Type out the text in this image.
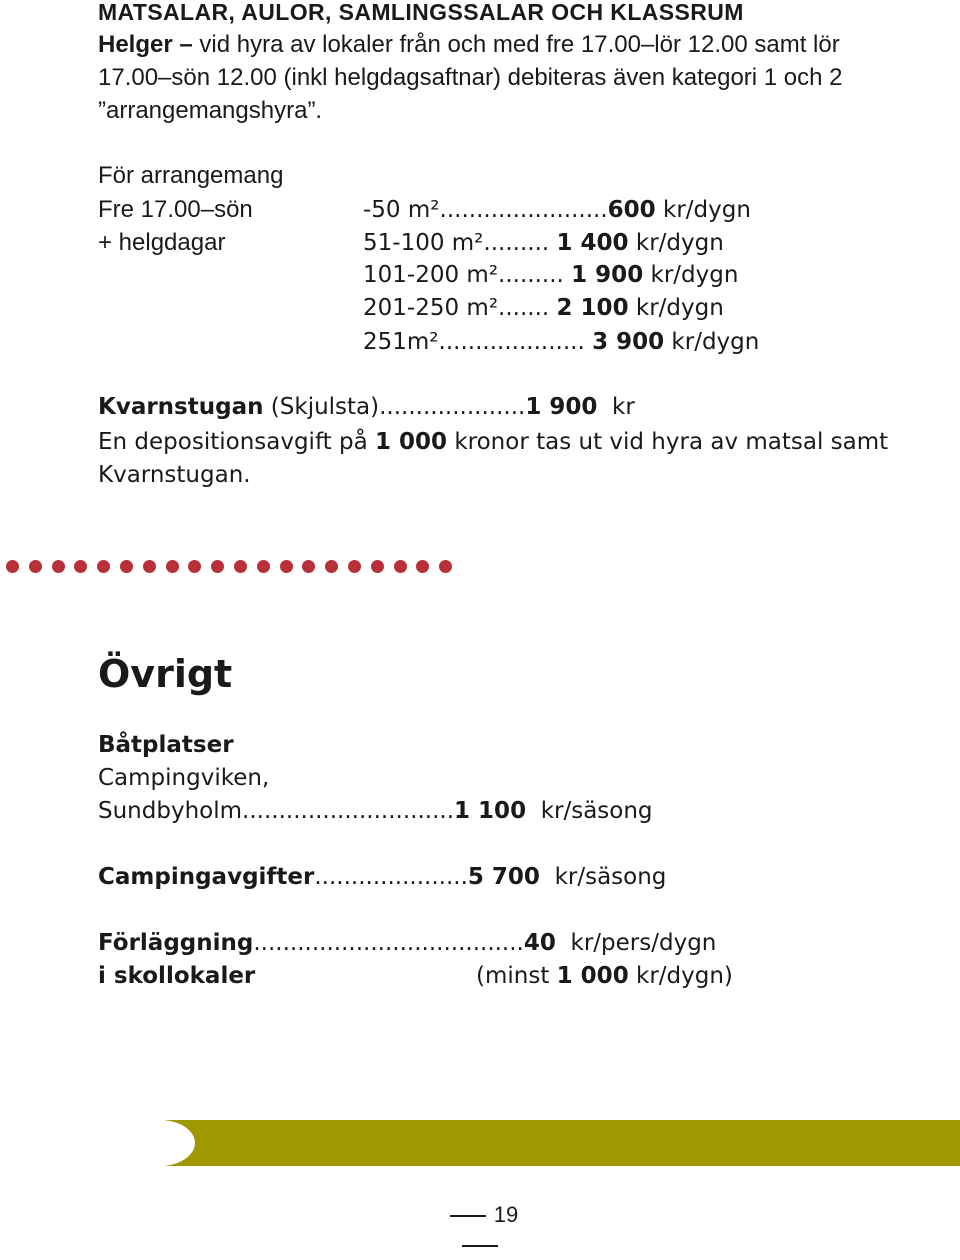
MATSALAR, AULOR, SAMLINGSSALAR OCH KLASSRUM
Helger – vid hyra av lokaler från och med fre 17.00–lör 12.00 samt lör 17.00–sön 12.00 (inkl helgdagsaftnar) debiteras även kategori 1 och 2 ”arrangemangshyra”.
För arrangemang
Fre 17.00–sön
+ helgdagar
-50 m².......................600 kr/dygn
51-100 m²......... 1 400 kr/dygn
101-200 m²......... 1 900 kr/dygn
201-250 m²....... 2 100 kr/dygn
251m².................... 3 900 kr/dygn
Kvarnstugan (Skjulsta)....................1 900 kr
En depositionsavgift på 1 000 kronor tas ut vid hyra av matsal samt
Kvarnstugan.
Övrigt
Båtplatser
Campingviken,
Sundbyholm.............................1 100 kr/säsong
Campingavgifter.....................5 700 kr/säsong
Förläggning.....................................40 kr/pers/dygn
i skollokaler	(minst 1 000 kr/dygn)
19
